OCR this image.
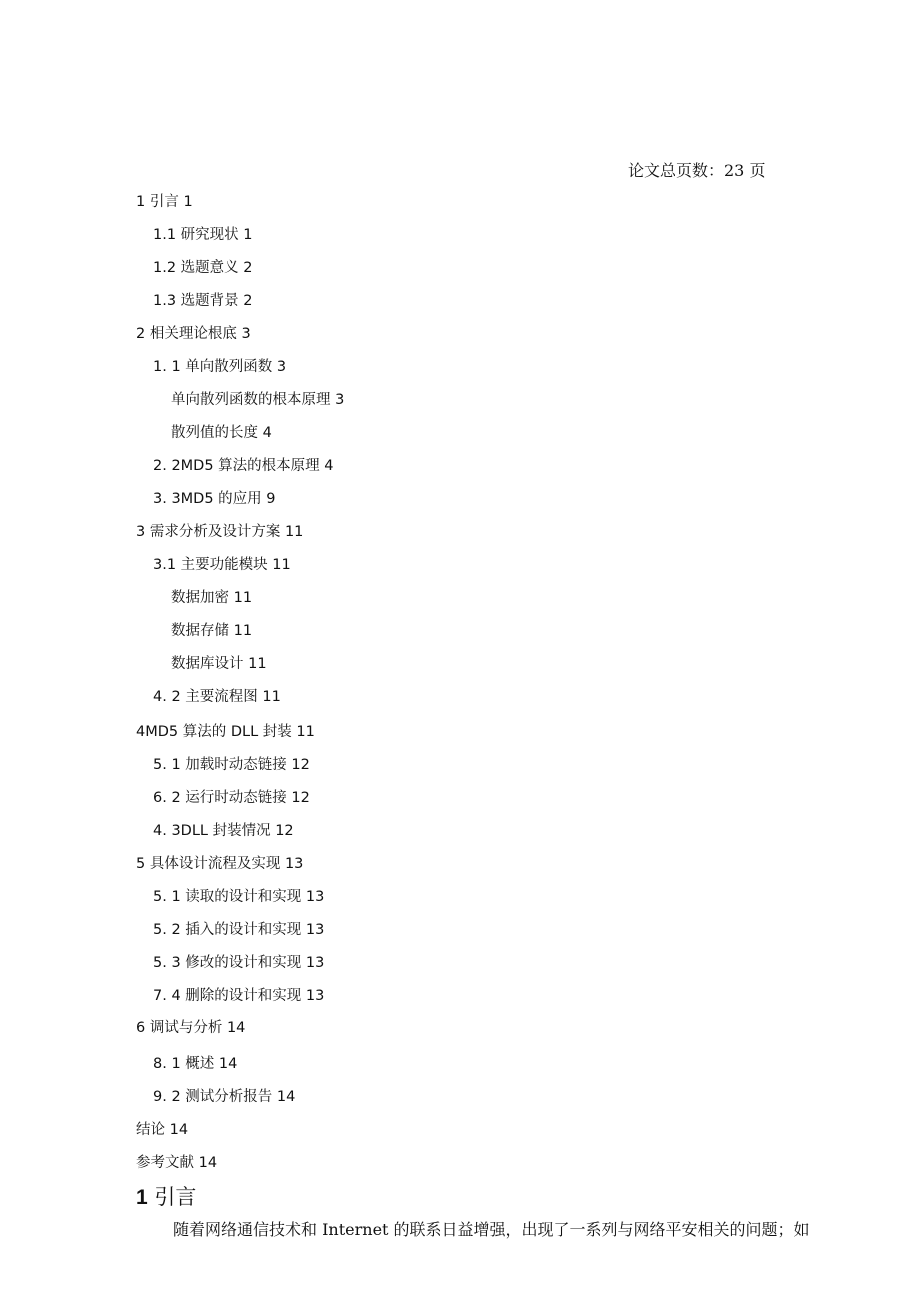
论文总页数：23 页
1 引言 1
1.1 研究现状 1
1.2 选题意义 2
1.3 选题背景 2
2 相关理论根底 3
1. 1 单向散列函数 3
单向散列函数的根本原理 3
散列值的长度 4
2. 2MD5 算法的根本原理 4
3. 3MD5 的应用 9
3 需求分析及设计方案 11
3.1 主要功能模块 11
数据加密 11
数据存储 11
数据库设计 11
4. 2 主要流程图 11
4MD5 算法的 DLL 封装 11
5. 1 加载时动态链接 12
6. 2 运行时动态链接 12
4. 3DLL 封装情况 12
5 具体设计流程及实现 13
5. 1 读取的设计和实现 13
5. 2 插入的设计和实现 13
5. 3 修改的设计和实现 13
7. 4 删除的设计和实现 13
6 调试与分析 14
8. 1 概述 14
9. 2 测试分析报告 14
结论 14
参考文献 14
1 引言
随着网络通信技术和 Internet 的联系日益增强，出现了一系列与网络平安相关的问题；如
